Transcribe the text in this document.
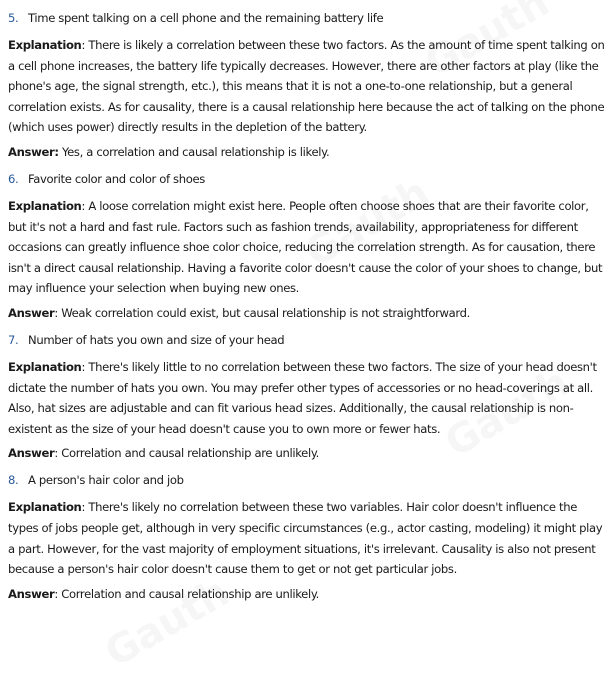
5. Time spent talking on a cell phone and the remaining battery life
Explanation: There is likely a correlation between these two factors. As the amount of time spent talking on a cell phone increases, the battery life typically decreases. However, there are other factors at play (like the phone's age, the signal strength, etc.), this means that it is not a one-to-one relationship, but a general correlation exists. As for causality, there is a causal relationship here because the act of talking on the phone (which uses power) directly results in the depletion of the battery.
Answer: Yes, a correlation and causal relationship is likely.
6. Favorite color and color of shoes
Explanation: A loose correlation might exist here. People often choose shoes that are their favorite color, but it's not a hard and fast rule. Factors such as fashion trends, availability, appropriateness for different occasions can greatly influence shoe color choice, reducing the correlation strength. As for causation, there isn't a direct causal relationship. Having a favorite color doesn't cause the color of your shoes to change, but may influence your selection when buying new ones.
Answer: Weak correlation could exist, but causal relationship is not straightforward.
7. Number of hats you own and size of your head
Explanation: There's likely little to no correlation between these two factors. The size of your head doesn't dictate the number of hats you own. You may prefer other types of accessories or no head-coverings at all. Also, hat sizes are adjustable and can fit various head sizes. Additionally, the causal relationship is non-existent as the size of your head doesn't cause you to own more or fewer hats.
Answer: Correlation and causal relationship are unlikely.
8. A person's hair color and job
Explanation: There's likely no correlation between these two variables. Hair color doesn't influence the types of jobs people get, although in very specific circumstances (e.g., actor casting, modeling) it might play a part. However, for the vast majority of employment situations, it's irrelevant. Causality is also not present because a person's hair color doesn't cause them to get or not get particular jobs.
Answer: Correlation and causal relationship are unlikely.
